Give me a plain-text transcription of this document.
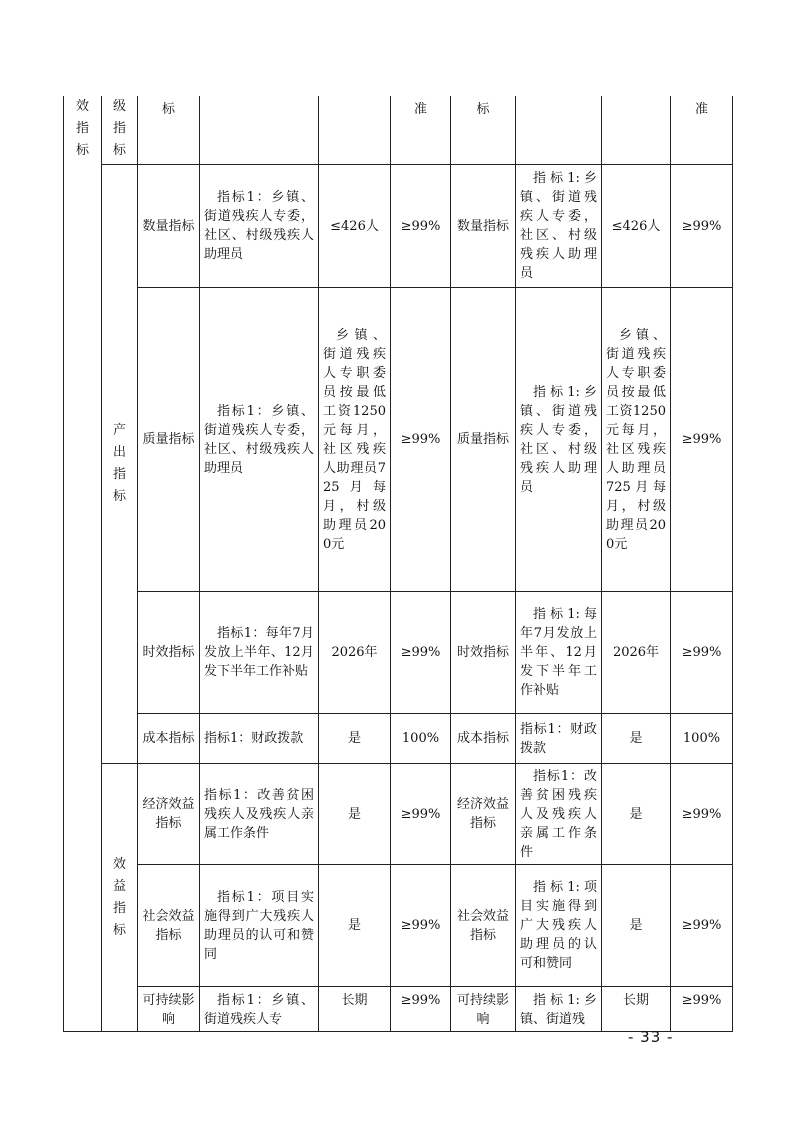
效指标	级指标	标			准	标			准
	产出指标	数量指标	指标1：乡镇、街道残疾人专委，社区、村级残疾人助理员	≤426人	≥99%	数量指标	指标1:乡镇、街道残疾人专委，社区、村级残疾人助理员	≤426人	≥99%
		质量指标	指标1：乡镇、街道残疾人专委，社区、村级残疾人助理员	乡镇、街道残疾人专职委员按最低工资1250元每月，社区残疾人助理员725月每月，村级助理员200元	≥99%	质量指标	指标1:乡镇、街道残疾人专委，社区、村级残疾人助理员	乡镇、街道残疾人专职委员按最低工资1250元每月，社区残疾人助理员725月每月，村级助理员200元	≥99%
		时效指标	指标1：每年7月发放上半年、12月发下半年工作补贴	2026年	≥99%	时效指标	指标1:每年7月发放上半年、12月发下半年工作补贴	2026年	≥99%
		成本指标	指标1：财政拨款	是	100%	成本指标	指标1：财政拨款	是	100%
	效益指标	经济效益指标	指标1：改善贫困残疾人及残疾人亲属工作条件	是	≥99%	经济效益指标	指标1：改善贫困残疾人及残疾人亲属工作条件	是	≥99%
		社会效益指标	指标1：项目实施得到广大残疾人助理员的认可和赞同	是	≥99%	社会效益指标	指标1:项目实施得到广大残疾人助理员的认可和赞同	是	≥99%
		可持续影响	指标1：乡镇、街道残疾人专	长期	≥99%	可持续影响	指标1:乡镇、街道残	长期	≥99%
- 33 -
